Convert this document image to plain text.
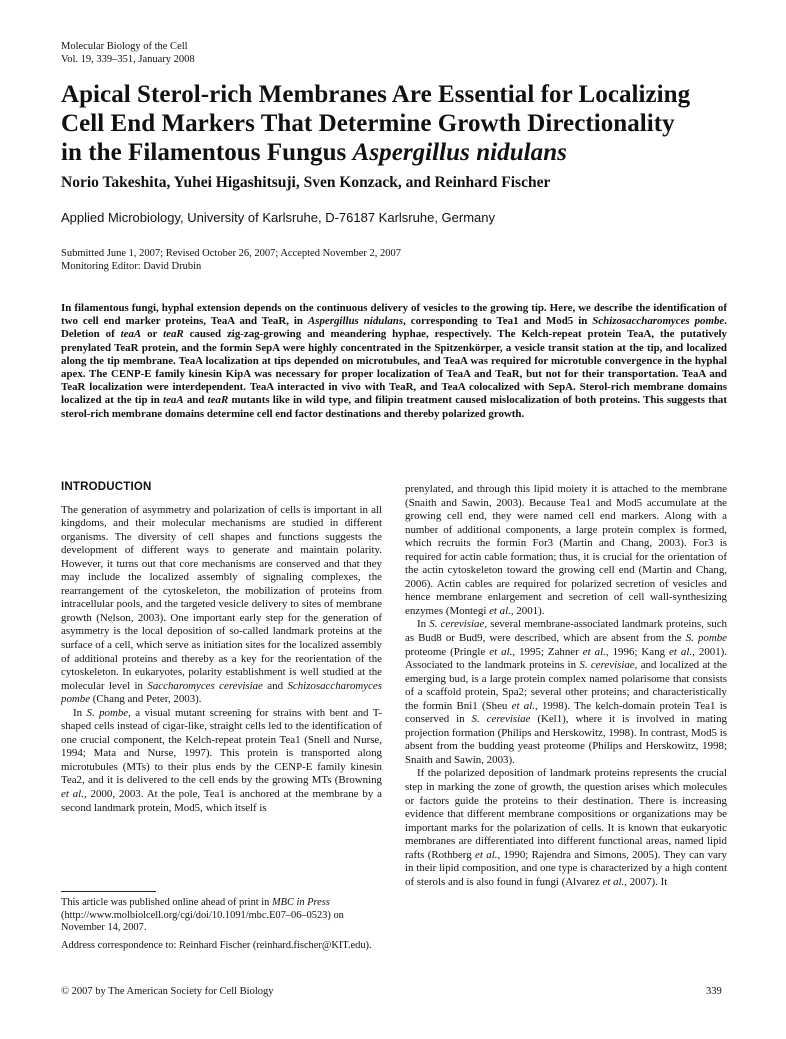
Molecular Biology of the Cell
Vol. 19, 339–351, January 2008
Apical Sterol-rich Membranes Are Essential for Localizing
Cell End Markers That Determine Growth Directionality
in the Filamentous Fungus Aspergillus nidulans
Norio Takeshita, Yuhei Higashitsuji, Sven Konzack, and Reinhard Fischer
Applied Microbiology, University of Karlsruhe, D-76187 Karlsruhe, Germany
Submitted June 1, 2007; Revised October 26, 2007; Accepted November 2, 2007
Monitoring Editor: David Drubin

In filamentous fungi, hyphal extension depends on the continuous delivery of vesicles to the growing tip. Here, we describe the identification of two cell end marker proteins, TeaA and TeaR, in Aspergillus nidulans, corresponding to Tea1 and Mod5 in Schizosaccharomyces pombe. Deletion of teaA or teaR caused zig-zag-growing and meandering hyphae, respectively. The Kelch-repeat protein TeaA, the putatively prenylated TeaR protein, and the formin SepA were highly concentrated in the Spitzenkörper, a vesicle transit station at the tip, and localized along the tip membrane. TeaA localization at tips depended on microtubules, and TeaA was required for microtuble convergence in the hyphal apex. The CENP-E family kinesin KipA was necessary for proper localization of TeaA and TeaR, but not for their transportation. TeaA and TeaR localization were interdependent. TeaA interacted in vivo with TeaR, and TeaA colocalized with SepA. Sterol-rich membrane domains localized at the tip in teaA and teaR mutants like in wild type, and filipin treatment caused mislocalization of both proteins. This suggests that sterol-rich membrane domains determine cell end factor destinations and thereby polarized growth.

INTRODUCTION

The generation of asymmetry and polarization of cells is important in all kingdoms, and their molecular mechanisms are studied in different organisms. The diversity of cell shapes and functions suggests the development of different ways to generate and maintain polarity. However, it turns out that core mechanisms are conserved and that they may include the localized assembly of signaling complexes, the rearrangement of the cytoskeleton, the mobilization of proteins from intracellular pools, and the targeted vesicle delivery to sites of membrane growth (Nelson, 2003). One important early step for the generation of asymmetry is the local deposition of so-called landmark proteins at the surface of a cell, which serve as initiation sites for the localized assembly of additional proteins and thereby as a key for the reorientation of the cytoskeleton. In eukaryotes, polarity establishment is well studied at the molecular level in Saccharomyces cerevisiae and Schizosaccharomyces pombe (Chang and Peter, 2003).

In S. pombe, a visual mutant screening for strains with bent and T-shaped cells instead of cigar-like, straight cells led to the identification of one crucial component, the Kelch-repeat protein Tea1 (Snell and Nurse, 1994; Mata and Nurse, 1997). This protein is transported along microtubules (MTs) to their plus ends by the CENP-E family kinesin Tea2, and it is delivered to the cell ends by the growing MTs (Browning et al., 2000, 2003. At the pole, Tea1 is anchored at the membrane by a second landmark protein, Mod5, which itself is

This article was published online ahead of print in MBC in Press (http://www.molbiolcell.org/cgi/doi/10.1091/mbc.E07–06–0523) on November 14, 2007.

Address correspondence to: Reinhard Fischer (reinhard.fischer@KIT.edu).

prenylated, and through this lipid moiety it is attached to the membrane (Snaith and Sawin, 2003). Because Tea1 and Mod5 accumulate at the growing cell end, they were named cell end markers. Along with a number of additional components, a large protein complex is formed, which recruits the formin For3 (Martin and Chang, 2003). For3 is required for actin cable formation; thus, it is crucial for the orientation of the actin cytoskeleton toward the growing cell end (Martin and Chang, 2006). Actin cables are required for polarized secretion of vesicles and hence membrane enlargement and secretion of cell wall-synthesizing enzymes (Montegi et al., 2001).

In S. cerevisiae, several membrane-associated landmark proteins, such as Bud8 or Bud9, were described, which are absent from the S. pombe proteome (Pringle et al., 1995; Zahner et al., 1996; Kang et al., 2001). Associated to the landmark proteins in S. cerevisiae, and localized at the emerging bud, is a large protein complex named polarisome that consists of a scaffold protein, Spa2; several other proteins; and characteristically the formin Bni1 (Sheu et al., 1998). The kelch-domain protein Tea1 is conserved in S. cerevisiae (Kel1), where it is involved in mating projection formation (Philips and Herskowitz, 1998). In contrast, Mod5 is absent from the budding yeast proteome (Philips and Herskowitz, 1998; Snaith and Sawin, 2003).

If the polarized deposition of landmark proteins represents the crucial step in marking the zone of growth, the question arises which molecules or factors guide the proteins to their destination. There is increasing evidence that different membrane compositions or organizations may be important marks for the polarization of cells. It is known that eukaryotic membranes are differentiated into different functional areas, named lipid rafts (Rothberg et al., 1990; Rajendra and Simons, 2005). They can vary in their lipid composition, and one type is characterized by a high content of sterols and is also found in fungi (Alvarez et al., 2007). It

© 2007 by The American Society for Cell Biology	339
